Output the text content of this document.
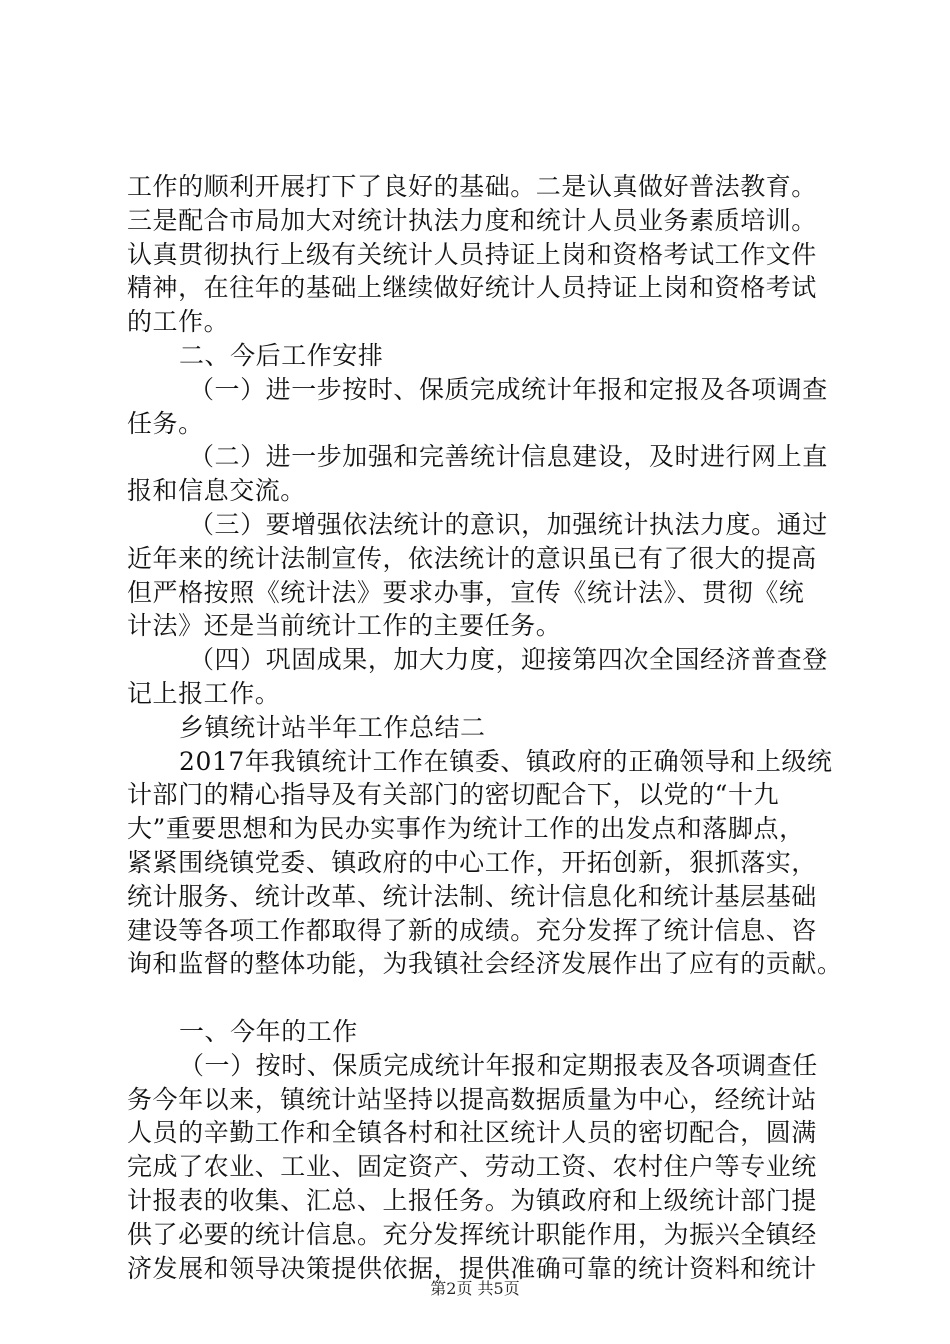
工作的顺利开展打下了良好的基础。二是认真做好普法教育。
三是配合市局加大对统计执法力度和统计人员业务素质培训。
认真贯彻执行上级有关统计人员持证上岗和资格考试工作文件
精神，在往年的基础上继续做好统计人员持证上岗和资格考试
的工作。
二、今后工作安排
（一）进一步按时、保质完成统计年报和定报及各项调查
任务。
（二）进一步加强和完善统计信息建设，及时进行网上直
报和信息交流。
（三）要增强依法统计的意识，加强统计执法力度。通过
近年来的统计法制宣传，依法统计的意识虽已有了很大的提高
但严格按照《统计法》要求办事，宣传《统计法》、贯彻《统
计法》还是当前统计工作的主要任务。
（四）巩固成果，加大力度，迎接第四次全国经济普查登
记上报工作。
乡镇统计站半年工作总结二
2017年我镇统计工作在镇委、镇政府的正确领导和上级统
计部门的精心指导及有关部门的密切配合下，以党的“十九
大”重要思想和为民办实事作为统计工作的出发点和落脚点，
紧紧围绕镇党委、镇政府的中心工作，开拓创新，狠抓落实，
统计服务、统计改革、统计法制、统计信息化和统计基层基础
建设等各项工作都取得了新的成绩。充分发挥了统计信息、咨
询和监督的整体功能，为我镇社会经济发展作出了应有的贡献。
一、今年的工作
（一）按时、保质完成统计年报和定期报表及各项调查任
务今年以来，镇统计站坚持以提高数据质量为中心，经统计站
人员的辛勤工作和全镇各村和社区统计人员的密切配合，圆满
完成了农业、工业、固定资产、劳动工资、农村住户等专业统
计报表的收集、汇总、上报任务。为镇政府和上级统计部门提
供了必要的统计信息。充分发挥统计职能作用，为振兴全镇经
济发展和领导决策提供依据，提供准确可靠的统计资料和统计
第2页 共5页
